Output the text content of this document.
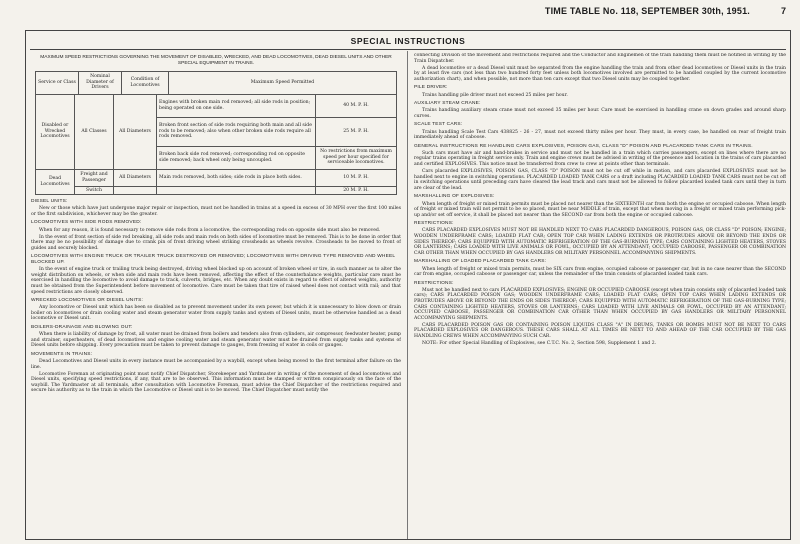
TIME TABLE No. 118, SEPTEMBER 30th, 1951.	7
SPECIAL INSTRUCTIONS
MAXIMUM SPEED RESTRICTIONS GOVERNING THE MOVEMENT OF DISABLED, WRECKED, AND DEAD LOCOMOTIVES, DEAD DIESEL UNITS AND OTHER SPECIAL EQUIPMENT IN TRAINS.
Service or Class	Nominal Diameter of Drivers	Condition of Locomotives	Maximum Speed Permitted
Disabled or Wrecked Locomotives	All Classes	All Diameters	Engines with broken main rod removed; all side rods in position; being operated on one side.	40 M. P. H.
			Broken front section of side rods requiring both main and all side rods to be removed; also when other broken side rods require all rods removed.	25 M. P. H.
			Broken back side rod removed; corresponding rod on opposite side removed; back wheel only being uncoupled.	No restrictions from maximum speed per hour specified for serviceable locomotives.
Dead Locomotives	Freight and Passenger	All Diameters	Main rods removed, both sides; side rods in place both sides.	10 M. P. H.
	Switch			20 M. P. H.
DIESEL UNITS:

New or those which have just undergone major repair or inspection, must not be handled in trains at a speed in excess of 30 MPH over the first 100 miles or the first subdivision, whichever may be the greater.

LOCOMOTIVES WITH SIDE RODS REMOVED:

When for any reason, it is found necessary to remove side rods from a locomotive, the corresponding rods on opposite side must also be removed.

In the event of front section of side rod breaking, all side rods and main rods on both sides of locomotive must be removed. This is to be done in order that there may be no possibility of damage due to crank pin of front driving wheel striking crossheads as wheels revolve. Crossheads to be moved to front of guides and securely blocked.

LOCOMOTIVES WITH ENGINE TRUCK OR TRAILER TRUCK DESTROYED OR REMOVED; LOCOMOTIVES WITH DRIVING TYPE REMOVED AND WHEEL BLOCKED UP.

In the event of engine truck or trailing truck being destroyed, driving wheel blocked up on account of broken wheel or tire, in such manner as to alter the weight distribution on wheels, or when side and main rods have been removed, affecting the effect of the counterbalance weights, particular care must be exercised in handling the locomotive to avoid damage to track, culverts, bridges, etc. When any doubt exists in regard to effect of altered weights, authority must be obtained from the Superintendent before movement of locomotive. Care must be taken that tire of raised wheel does not contact with rail; and that speed restrictions are closely observed.

WRECKED LOCOMOTIVES OR DIESEL UNITS:

Any locomotive or Diesel unit which has been so disabled as to prevent movement under its own power, but which it is unnecessary to blow down or drain boiler on locomotives or drain cooling water and steam generator water from supply tanks and system of Diesel units, must be otherwise handled as a dead locomotive or Diesel unit.

BOILERS-DRAINAGE AND BLOWING OUT:

When there is liability of damage by frost, all water must be drained from boilers and tenders also from cylinders, air compressor, feedwater heater, pump and strainer, superheaters, of dead locomotives and engine cooling water and steam generator water must be drained from supply tanks and systems of Diesel units before shipping. Every precaution must be taken to prevent damage to gauges, from freezing of water in coils or gauges.

MOVEMENTS IN TRAINS:

Dead Locomotives and Diesel units in every instance must be accompanied by a waybill, except when being moved to the first terminal after failure on the line.

Locomotive Foreman at originating point must notify Chief Dispatcher, Storekeeper and Yardmaster in writing of the movement of dead locomotives and Diesel units, specifying speed restrictions, if any, that are to be observed. This information must be stamped or written conspicuously on the face of the waybill. The Yardmaster at all terminals, after consultation with Locomotive Foreman, must advise the Chief Dispatcher of the restrictions required and secure his authority as to the train in which the Locomotive or Diesel unit is to be moved. The Chief Dispatcher must notify the

connecting Division of the movement and restrictions required and the Conductor and Enginemen of the train handling them must be notified in writing by the Train Dispatcher.

A dead locomotive or a dead Diesel unit must be separated from the engine handling the train and from other dead locomotives or Diesel units in the train by at least five cars (not less than two hundred forty feet unless both locomotives involved are permitted to be handled coupled by the current locomotive authorization chart), and when possible, not more than ten cars except that two Diesel units may be coupled together.

PILE DRIVER:

Trains handling pile driver must not exceed 25 miles per hour.

AUXILIARY STEAM CRANE:

Trains handling auxiliary steam crane must not exceed 35 miles per hour. Care must be exercised in handling crane on down grades and around sharp curves.

SCALE TEST CARS:

Trains handling Scale Test Cars 438825 - 26 - 27, must not exceed thirty miles per hour. They must, in every case, be handled on rear of freight train immediately ahead of caboose.

GENERAL INSTRUCTIONS RE HANDLING CARS EXPLOSIVES, POISON GAS, CLASS "D" POISON AND PLACARDED TANK CARS IN TRAINS.

Such cars must have air and hand-brakes in service and must not be handled in a train which carries passengers, except on lines where there are no regular trains operating in freight service only. Train and engine crews must be advised in writing of the presence and location in the trains of cars placarded and certified EXPLOSIVES. This notice must be transferred from crew to crew at points other than terminals.

Cars placarded EXPLOSIVES, POISON GAS, CLASS "D" POISON must not be cut off while in motion, and cars placarded EXPLOSIVES must not be handled next to engine in switching operations. PLACARDED LOADED TANK CARS or a draft including PLACARDED LOADED TANK CARS must not be cut off in switching operations until preceding cars have cleared the lead track and cars must not be allowed to follow placarded loaded tank cars until they in turn are clear of the lead.

MARSHALLING OF EXPLOSIVES:

When length of freight or mixed train permits must be placed not nearer than the SIXTEENTH car from both the engine or occupied caboose. When length of freight or mixed train will not permit to be so placed, must be near MIDDLE of train, except that when moving in a freight or mixed train performing pick-up and/or set off service, it shall be placed not nearer than the SECOND car from both the engine or occupied caboose.

RESTRICTIONS:

CARS PLACARDED EXPLOSIVES MUST NOT BE HANDLED NEXT TO CARS PLACARDED DANGEROUS, POISON GAS, OR CLASS "D" POISON; ENGINE; WOODEN UNDERFRAME CARS; LOADED FLAT CAR; OPEN TOP CAR WHEN LADING EXTENDS OR PROTRUDES ABOVE OR BEYOND THE ENDS OR SIDES THEREOF; CARS EQUIPPED WITH AUTOMATIC REFRIGERATION OF THE GAS-BURNING TYPE; CARS CONTAINING LIGHTED HEATERS, STOVES OR LANTERNS; CARS LOADED WITH LIVE ANIMALS OR FOWL, OCCUPIED BY AN ATTENDANT; OCCUPIED CABOOSE, PASSENGER OR COMBINATION CAR OTHER THAN WHEN OCCUPIED BY GAS HANDLERS OR MILITARY PERSONNEL ACCOMPANYING SHIPMENTS.

MARSHALLING OF LOADED PLACARDED TANK CARS:

When length of freight or mixed train permits, must be SIX cars from engine, occupied caboose or passenger car, but in no case nearer than the SECOND car from engine, occupied caboose or passenger car, unless the remainder of the train consists of placarded loaded tank cars.

RESTRICTIONS:

Must not be handled next to cars PLACARDED EXPLOSIVES; ENGINE OR OCCUPIED CABOOSE (except when train consists only of placarded loaded tank cars); CARS PLACARDED POISON GAS; WOODEN UNDERFRAME CARS; LOADED FLAT CARS; OPEN TOP CARS WHEN LADING EXTENDS OR PROTRUDES ABOVE OR BEYOND THE ENDS OR SIDES THEREOF; CARS EQUIPPED WITH AUTOMATIC REFRIGERATION OF THE GAS-BURNING TYPE; CARS CONTAINING LIGHTED HEATERS, STOVES OR LANTERNS; CARS LOADED WITH LIVE ANIMALS OR FOWL, OCCUPIED BY AN ATTENDANT; OCCUPIED CABOOSE, PASSENGER OR COMBINATION CAR OTHER THAN WHEN OCCUPIED BY GAS HANDLERS OR MILITARY PERSONNEL ACCOMPANYING SHIPMENTS.

CARS PLACARDED POISON GAS OR CONTAINING POISON LIQUIDS CLASS "A" IN DRUMS, TANKS OR BOMBS MUST NOT BE NEXT TO CARS PLACARDED EXPLOSIVES OR DANGEROUS. THESE CARS SHALL AT ALL TIMES BE NEXT TO AND AHEAD OF THE CAR OCCUPIED BY THE GAS HANDLING CREWS WHEN ACCOMPANYING SUCH CAR.

NOTE: For other Special Handling of Explosives, see C.T.C. No. 2, Section 598, Supplement 1 and 2.
